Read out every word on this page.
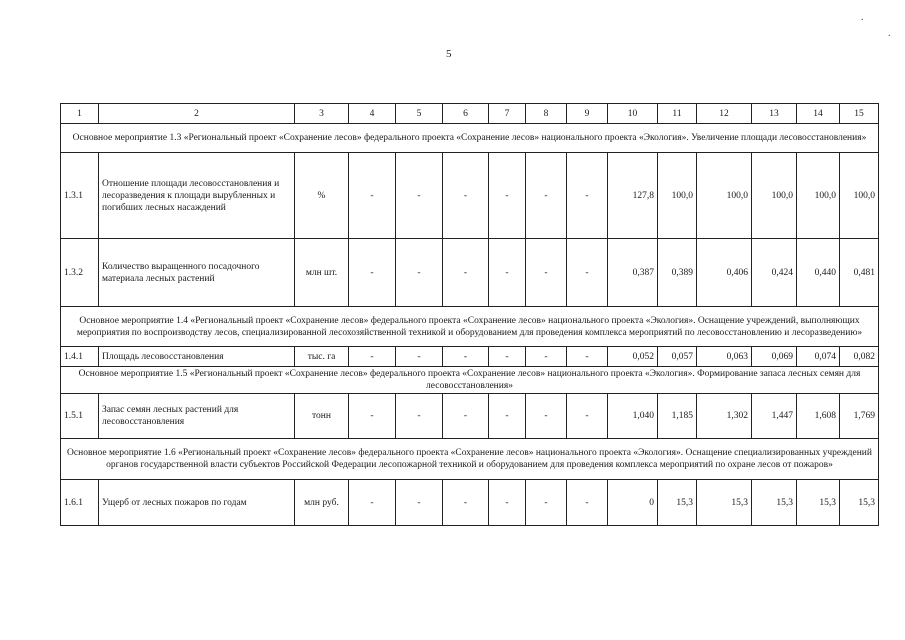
5
.
.
1	2	3	4	5	6	7	8	9	10	11	12	13	14	15
Основное мероприятие 1.3 «Региональный проект «Сохранение лесов» федерального проекта «Сохранение лесов» национального проекта «Экология». Увеличение площади лесовосстановления»														
1.3.1	Отношение площади лесовосстановления и лесоразведения к площади вырубленных и погибших лесных насаждений	%	-	-	-	-	-	-	127,8	100,0	100,0	100,0	100,0	100,0
1.3.2	Количество выращенного посадочного материала лесных растений	млн шт.	-	-	-	-	-	-	0,387	0,389	0,406	0,424	0,440	0,481
Основное мероприятие 1.4 «Региональный проект «Сохранение лесов» федерального проекта «Сохранение лесов» национального проекта «Экология». Оснащение учреждений, выполняющих мероприятия по воспроизводству лесов, специализированной лесохозяйственной техникой и оборудованием для проведения комплекса мероприятий по лесовосстановлению и лесоразведению»														
1.4.1	Площадь лесовосстановления	тыс. га	-	-	-	-	-	-	0,052	0,057	0,063	0,069	0,074	0,082
Основное мероприятие 1.5 «Региональный проект «Сохранение лесов» федерального проекта «Сохранение лесов» национального проекта «Экология». Формирование запаса лесных семян для лесовосстановления»														
1.5.1	Запас семян лесных растений для лесовосстановления	тонн	-	-	-	-	-	-	1,040	1,185	1,302	1,447	1,608	1,769
Основное мероприятие 1.6 «Региональный проект «Сохранение лесов» федерального проекта «Сохранение лесов» национального проекта «Экология». Оснащение специализированных учреждений органов государственной власти субъектов Российской Федерации лесопожарной техникой и оборудованием для проведения комплекса мероприятий по охране лесов от пожаров»														
1.6.1	Ущерб от лесных пожаров по годам	млн руб.	-	-	-	-	-	-	0	15,3	15,3	15,3	15,3	15,3
